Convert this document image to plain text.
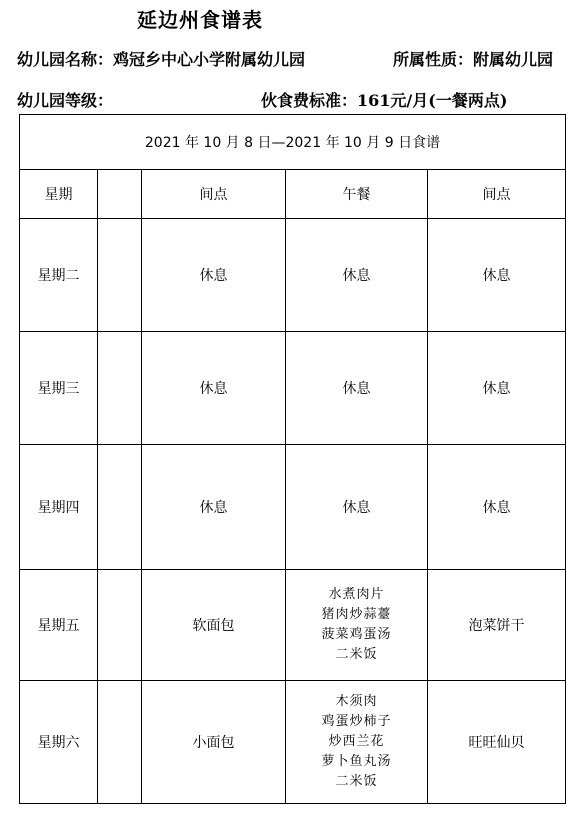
延边州食谱表
幼儿园名称：鸡冠乡中心小学附属幼儿园	所属性质：附属幼儿园
幼儿园等级：	伙食费标准：161元/月(一餐两点)
2021 年 10 月 8 日—2021 年 10 月 9 日食谱				
星期		间点	午餐	间点
星期二		休息	休息	休息
星期三		休息	休息	休息
星期四		休息	休息	休息
星期五		软面包	水煮肉片
猪肉炒蒜薹
菠菜鸡蛋汤
二米饭	泡菜饼干
星期六		小面包	木须肉
鸡蛋炒柿子
炒西兰花
萝卜鱼丸汤
二米饭	旺旺仙贝
